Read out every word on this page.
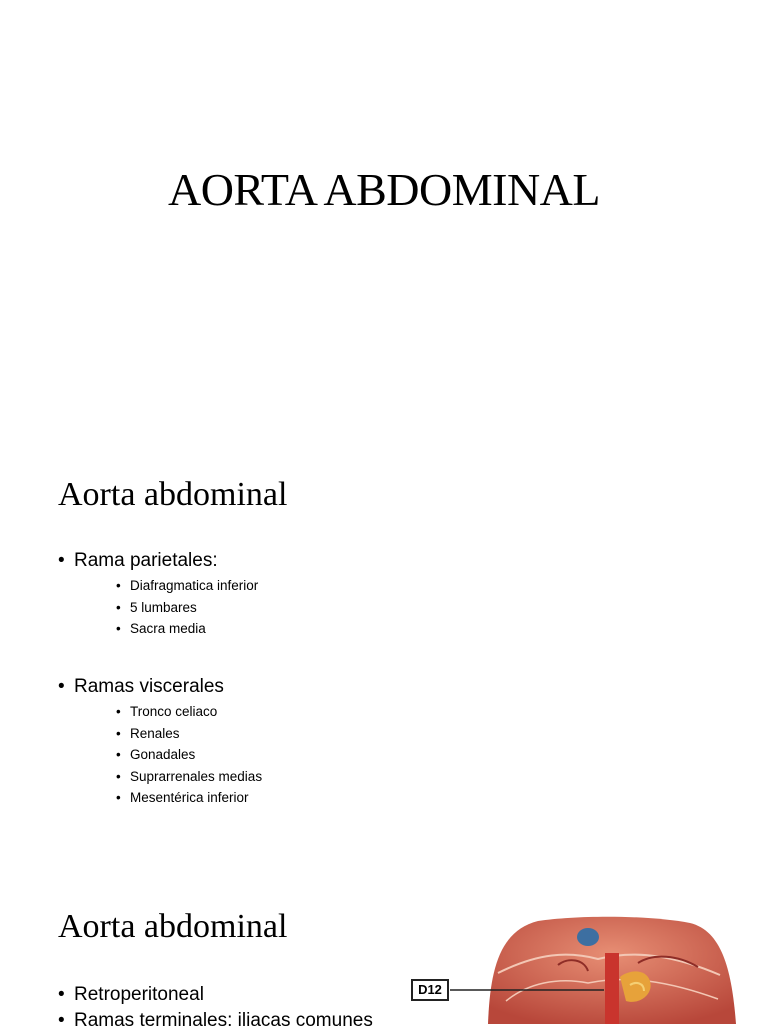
AORTA ABDOMINAL
Aorta abdominal
• Rama parietales:
• Diafragmatica inferior
• 5 lumbares
• Sacra media
• Ramas viscerales
• Tronco celiaco
• Renales
• Gonadales
• Suprarrenales medias
• Mesentérica inferior
Aorta abdominal
• Retroperitoneal
• Ramas terminales: iliacas comunes
D12
